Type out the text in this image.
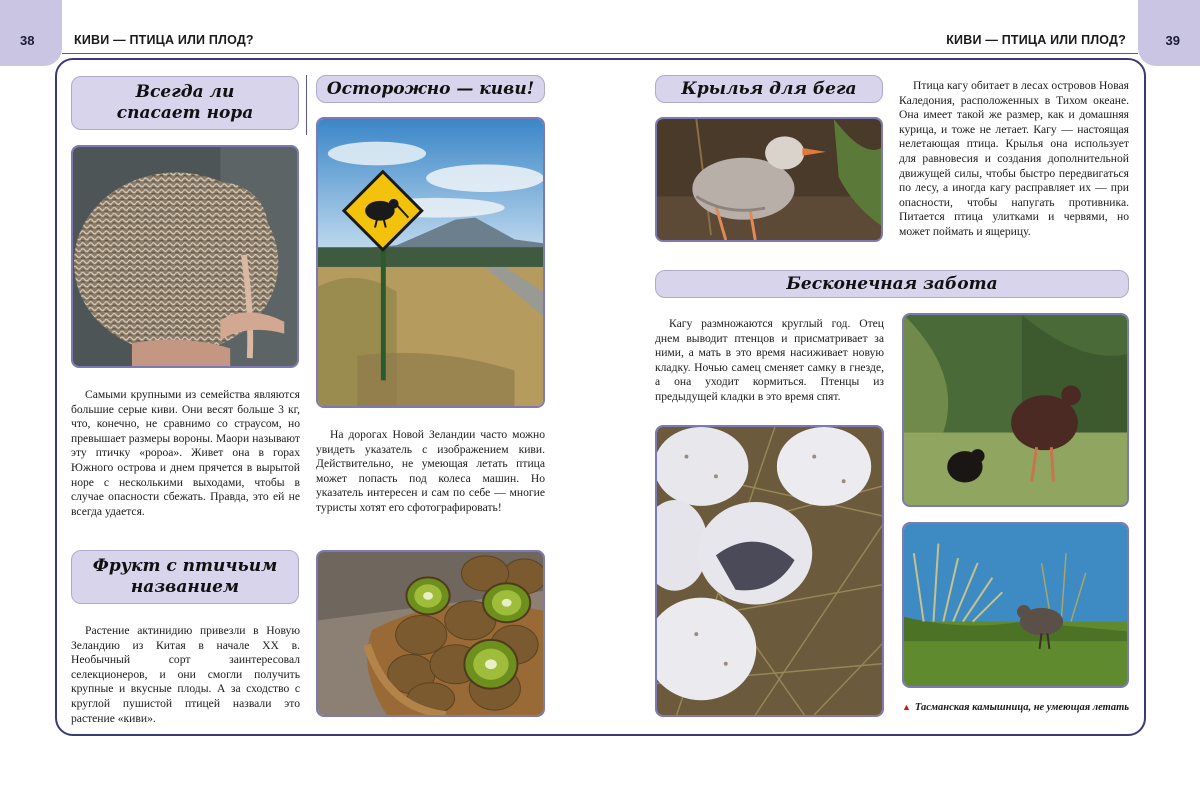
38	39
КИВИ — ПТИЦА ИЛИ ПЛОД?	КИВИ — ПТИЦА ИЛИ ПЛОД?
Всегда ли
спасает нора
Самыми крупными из семейства являются большие серые киви. Они весят больше 3 кг, что, конечно, не сравнимо со страусом, но превышает размеры вороны. Маори называют эту птичку «ророа». Живет она в горах Южного острова и днем прячется в вырытой норе с несколькими выходами, чтобы в случае опасности сбежать. Правда, это ей не всегда удается.
Осторожно — киви!
На дорогах Новой Зеландии часто можно увидеть указатель с изображением киви. Действительно, не умеющая летать птица может попасть под колеса машин. Но указатель интересен и сам по себе — многие туристы хотят его сфотографировать!
Фрукт с птичьим
названием
Растение актинидию привезли в Новую Зеландию из Китая в начале XX в. Необычный сорт заинтересовал селекционеров, и они смогли получить крупные и вкусные плоды. А за сходство с круглой пушистой птицей назвали это растение «киви».
Крылья для бега	Птица кагу обитает в лесах островов Новая Каледония, расположенных в Тихом океане. Она имеет такой же размер, как и домашняя курица, и тоже не летает. Кагу — настоящая нелетающая птица. Крылья она использует для равновесия и создания дополнительной движущей силы, чтобы быстро передвигаться по лесу, а иногда кагу расправляет их — при опасности, чтобы напугать противника. Питается птица улитками и червями, но может поймать и ящерицу.
Бесконечная забота
Кагу размножаются круглый год. Отец днем выводит птенцов и присматривает за ними, а мать в это время насиживает новую кладку. Ночью самец сменяет самку в гнезде, а она уходит кормиться. Птенцы из предыдущей кладки в это время спят.
▲ Тасманская камышница, не умеющая летать
